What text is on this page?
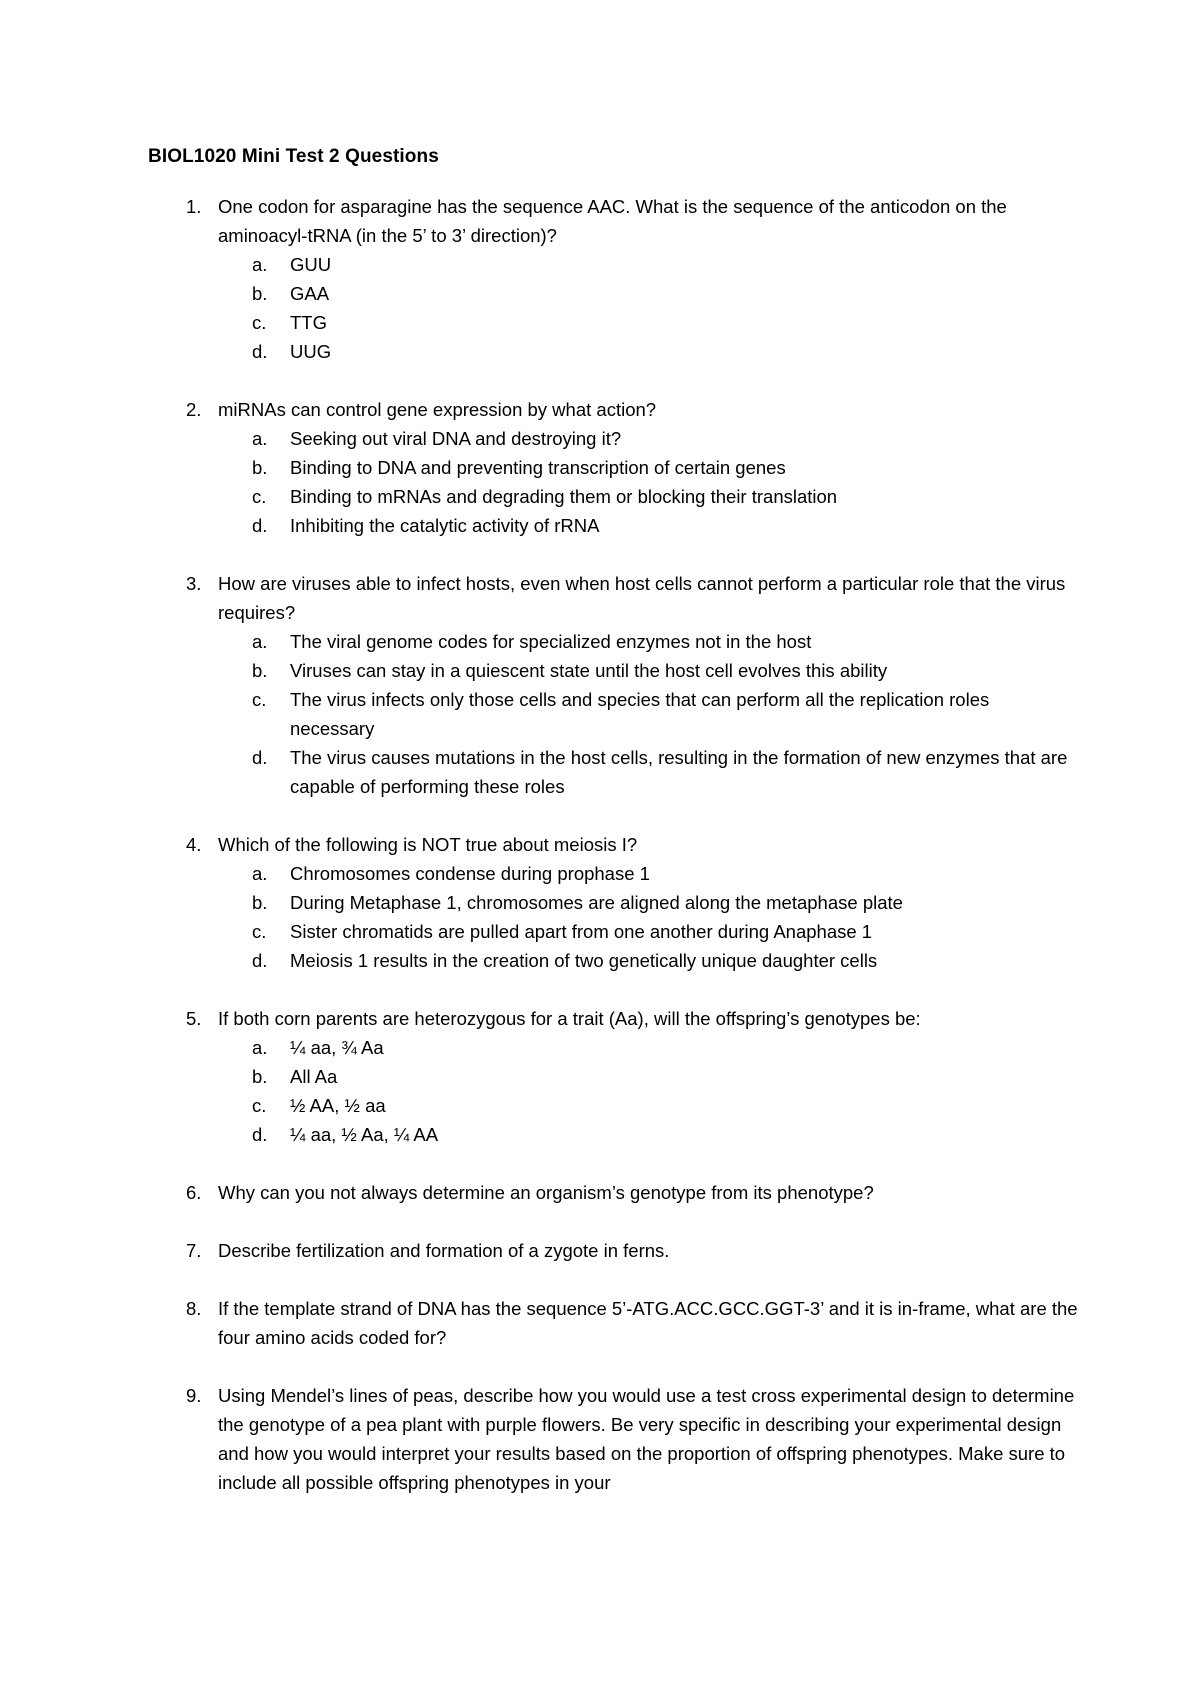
BIOL1020 Mini Test 2 Questions
1. One codon for asparagine has the sequence AAC. What is the sequence of the anticodon on the aminoacyl-tRNA (in the 5’ to 3’ direction)?
a. GUU
b. GAA
c. TTG
d. UUG
2. miRNAs can control gene expression by what action?
a. Seeking out viral DNA and destroying it?
b. Binding to DNA and preventing transcription of certain genes
c. Binding to mRNAs and degrading them or blocking their translation
d. Inhibiting the catalytic activity of rRNA
3. How are viruses able to infect hosts, even when host cells cannot perform a particular role that the virus requires?
a. The viral genome codes for specialized enzymes not in the host
b. Viruses can stay in a quiescent state until the host cell evolves this ability
c. The virus infects only those cells and species that can perform all the replication roles necessary
d. The virus causes mutations in the host cells, resulting in the formation of new enzymes that are capable of performing these roles
4. Which of the following is NOT true about meiosis I?
a. Chromosomes condense during prophase 1
b. During Metaphase 1, chromosomes are aligned along the metaphase plate
c. Sister chromatids are pulled apart from one another during Anaphase 1
d. Meiosis 1 results in the creation of two genetically unique daughter cells
5. If both corn parents are heterozygous for a trait (Aa), will the offspring’s genotypes be:
a. ¼ aa, ¾ Aa
b. All Aa
c. ½ AA, ½ aa
d. ¼ aa, ½ Aa, ¼ AA
6. Why can you not always determine an organism’s genotype from its phenotype?
7. Describe fertilization and formation of a zygote in ferns.
8. If the template strand of DNA has the sequence 5’-ATG.ACC.GCC.GGT-3’ and it is in-frame, what are the four amino acids coded for?
9. Using Mendel’s lines of peas, describe how you would use a test cross experimental design to determine the genotype of a pea plant with purple flowers. Be very specific in describing your experimental design and how you would interpret your results based on the proportion of offspring phenotypes. Make sure to include all possible offspring phenotypes in your
